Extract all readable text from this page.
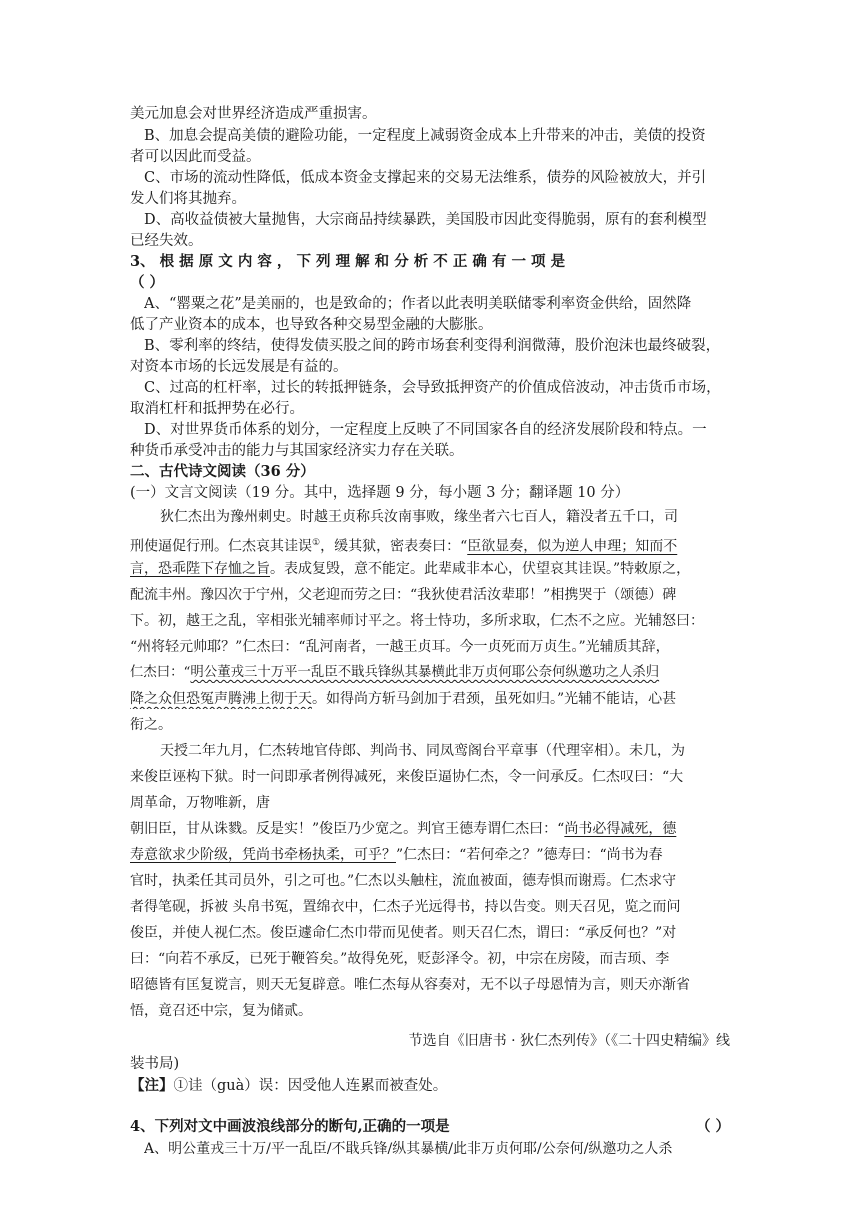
美元加息会对世界经济造成严重损害。
B、加息会提高美债的避险功能，一定程度上减弱资金成本上升带来的冲击，美债的投资
者可以因此而受益。
C、市场的流动性降低，低成本资金支撑起来的交易无法维系，债券的风险被放大，并引
发人们将其抛弃。
D、高收益债被大量抛售，大宗商品持续暴跌，美国股市因此变得脆弱，原有的套利模型
已经失效。
3、 根 据 原 文 内 容 ， 下 列 理 解 和 分 析 不 正 确 有 一 项 是
（ ）
A、“罂粟之花”是美丽的，也是致命的；作者以此表明美联储零利率资金供给，固然降
低了产业资本的成本，也导致各种交易型金融的大膨胀。
B、零利率的终结，使得发债买股之间的跨市场套利变得利润微薄，股价泡沫也最终破裂，
对资本市场的长远发展是有益的。
C、过高的杠杆率，过长的转抵押链条，会导致抵押资产的价值成倍波动，冲击货币市场，
取消杠杆和抵押势在必行。
D、对世界货币体系的划分，一定程度上反映了不同国家各自的经济发展阶段和特点。一
种货币承受冲击的能力与其国家经济实力存在关联。
二、古代诗文阅读（36 分）
(一）文言文阅读（19 分。其中，选择题 9 分，每小题 3 分；翻译题 10 分）
狄仁杰出为豫州刺史。时越王贞称兵汝南事败，缘坐者六七百人，籍没者五千口，司
刑使逼促行刑。仁杰哀其诖误①，缓其狱，密表奏曰：“臣欲显奏，似为逆人申理；知而不
言，恐乖陛下存恤之旨。表成复毁，意不能定。此辈咸非本心，伏望哀其诖误。”特敕原之，
配流丰州。豫囚次于宁州，父老迎而劳之曰：“我狄使君活汝辈耶！”相携哭于（颂德）碑
下。初，越王之乱，宰相张光辅率师讨平之。将士恃功，多所求取，仁杰不之应。光辅怒曰：
“州将轻元帅耶？”仁杰曰：“乱河南者，一越王贞耳。今一贞死而万贞生。”光辅质其辞，
仁杰曰：“明公董戎三十万平一乱臣不戢兵锋纵其暴横此非万贞何耶公奈何纵邀功之人杀归
降之众但恐冤声腾沸上彻于天。如得尚方斩马剑加于君颈，虽死如归。”光辅不能诘，心甚
衔之。
天授二年九月，仁杰转地官侍郎、判尚书、同凤鸾阁台平章事（代理宰相）。未几，为
来俊臣诬构下狱。时一问即承者例得减死，来俊臣逼协仁杰，令一问承反。仁杰叹曰：“大
周革命，万物唯新，唐
朝旧臣，甘从诛戮。反是实！”俊臣乃少宽之。判官王德寿谓仁杰曰：“尚书必得减死，德
寿意欲求少阶级，凭尚书牵杨执柔，可乎？”仁杰曰：“若何牵之？”德寿曰：“尚书为春
官时，执柔任其司员外，引之可也。”仁杰以头触柱，流血被面，德寿惧而谢焉。仁杰求守
者得笔砚，拆被 头帛书冤，置绵衣中，仁杰子光远得书，持以告变。则天召见，览之而问
俊臣，并使人视仁杰。俊臣遽命仁杰巾带而见使者。则天召仁杰，谓曰：“承反何也？”对
曰：“向若不承反，已死于鞭笞矣。”故得免死，贬彭泽令。初，中宗在房陵，而吉顼、李
昭德皆有匡复谠言，则天无复辟意。唯仁杰每从容奏对，无不以子母恩情为言，则天亦渐省
悟，竟召还中宗，复为储贰。
节选自《旧唐书 · 狄仁杰列传》（《二十四史精编》线
装书局)
【注】①诖（guà）误：因受他人连累而被查处。
4、下列对文中画波浪线部分的断句,正确的一项是	（ ）
A、明公董戎三十万/平一乱臣/不戢兵锋/纵其暴横/此非万贞何耶/公奈何/纵邀功之人杀
